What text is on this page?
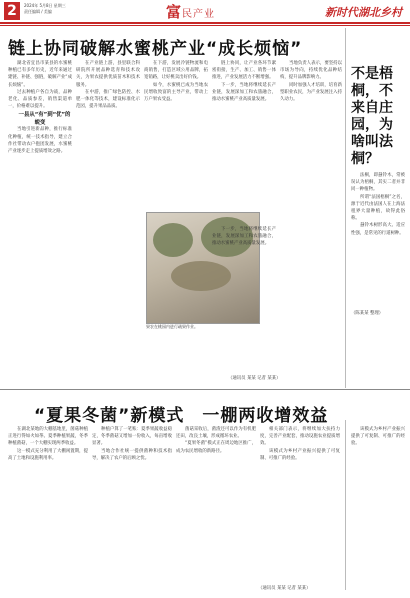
2	2024年 5月8日 星期三
责任编辑 / 美编	富民产业	新时代湖北乡村
链上协同破解水蜜桃产业“成长烦恼”

湖北省宜昌市某县的水蜜桃种植已有多年历史，近年来通过建链、补链、强链，破解产业“成长烦恼”。

过去种植户各自为战，品种老化、品质参差，销售渠道单一，价格难以提升。

一县从“有”到“优”的蜕变

当地引进新品种，推行标准化种植，统一技术指导，建立合作社带动农户抱团发展，水蜜桃产业逐步走上提质增效之路。

在产业链上游，县里联合科研院所开展品种选育和技术攻关，为果农提供优质苗木和技术服务。

在中游，推广绿色防控、水肥一体化等技术，建设标准化示范园，提升果品品质。

在下游，发展冷链物流和电商销售，打造区域公用品牌，拓宽销路，让好桃卖出好价钱。

如今，水蜜桃已成为当地农民增收致富的主导产业，带动上万户果农受益。

链上协同，让产业各环节紧密衔接，生产、加工、销售一体推进，产业发展活力不断增强。

下一步，当地将继续延长产业链，发展深加工和农旅融合，推动水蜜桃产业高质量发展。

当地负责人表示，要坚持以市场为导向，持续优化品种结构，提升品牌影响力。

同时加强人才培训，培育新型职业农民，为产业发展注入持久动力。

果农在桃园内进行疏果作业。

下一步，当地将继续延长产业链，发展深加工和农旅融合，推动水蜜桃产业高质量发展。

（通讯员 某某 记者 某某）
不是梧桐，不来自庄园，为啥叫法桐？

法桐，即悬铃木，常被误认为梧桐，其实二者并非同一种植物。

所谓“法国梧桐”之名，源于近代由法国人在上海法租界大量种植，故得此俗称。

悬铃木树形高大、适应性强，是常见的行道树种。

（陈某某 整理）
“夏果冬菌”新模式　一棚两收增效益

在湖北某地的大棚基地里，菌菇种植正进行得如火如荼。夏季种植果蔬，冬季种植菌菇，一个大棚实现两季收益。

这一模式充分利用了大棚闲置期，提高了土地和设施利用率。

种植户算了一笔账：夏季果蔬收益稳定，冬季菌菇又增加一份收入，每亩增收显著。

当地合作社统一提供菌种和技术指导，解决了农户的后顾之忧。

菌菇采收后，菌渣还可以作为有机肥还田，改良土壤，形成循环农业。

“夏果冬菌”模式正在周边地区推广，成为农民增收的新路径。

相关部门表示，将继续加大扶持力度，完善产业配套，推动设施农业提质增效。

该模式为乡村产业振兴提供了可复制、可推广的经验。

该模式为乡村产业振兴提供了可复制、可推广的经验。

（通讯员 某某 记者 某某）
